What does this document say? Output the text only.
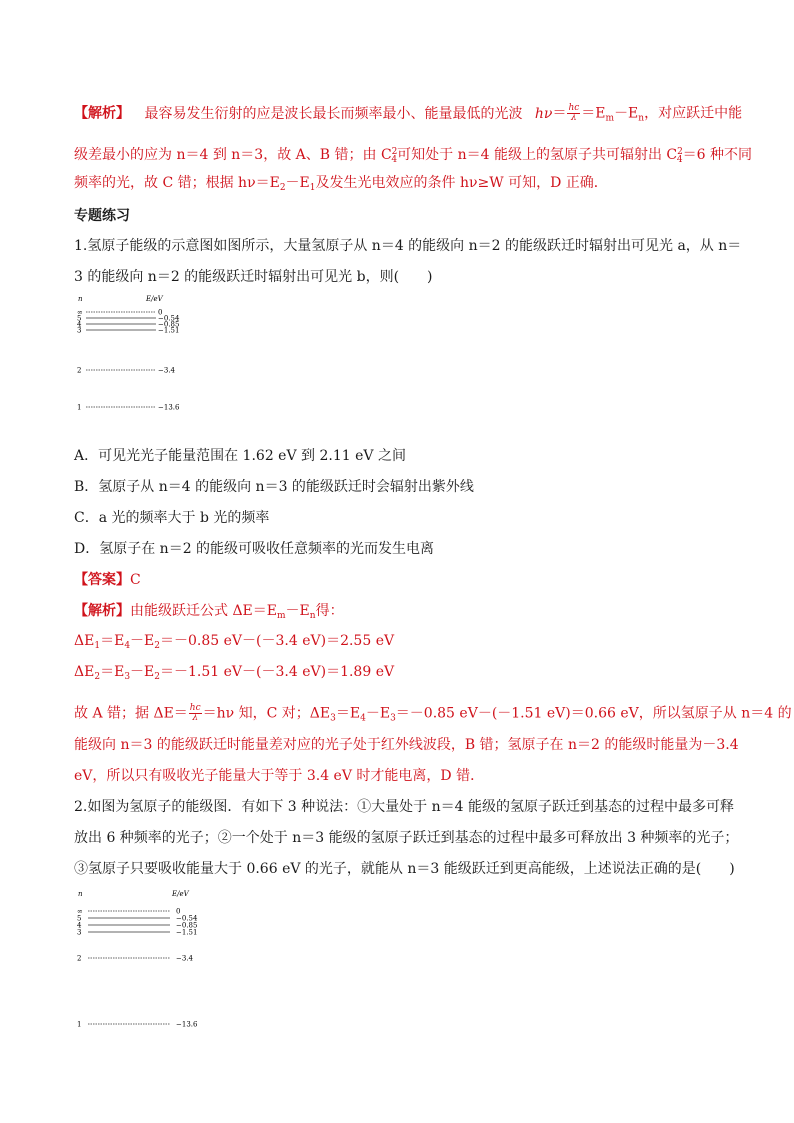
【解析】 最容易发生衍射的应是波长最长而频率最小、能量最低的光波 $h\nu= \frac{hc}{\lambda} =E_m-E_n$，对应跃迁中能
级差最小的应为 n＝4 到 n＝3，故 A、B 错；由 $C^2_4$可知处于 n＝4 能级上的氢原子共可辐射出 $C^2_4=6$ 种不同
频率的光，故 C 错；根据 $h\nu=E_2-E_1$及发生光电效应的条件 hν≥W 可知，D 正确．
专题练习
1.氢原子能级的示意图如图所示，大量氢原子从 n＝4 的能级向 n＝2 的能级跃迁时辐射出可见光 a，从 n＝
3 的能级向 n＝2 的能级跃迁时辐射出可见光 b，则(　　)
n	E/eV
∞	0
5	−0.54
4	−0.85
3	−1.51
2	−3.4
1	−13.6
A．可见光光子能量范围在 1.62 eV 到 2.11 eV 之间
B．氢原子从 n＝4 的能级向 n＝3 的能级跃迁时会辐射出紫外线
C．a 光的频率大于 b 光的频率
D．氢原子在 n＝2 的能级可吸收任意频率的光而发生电离
【答案】C
【解析】由能级跃迁公式 $\Delta E=E_m-E_n$得：
$\Delta E_1=E_4-E_2=-0.85$ eV－(－3.4 eV)＝2.55 eV
$\Delta E_2=E_3-E_2=-1.51$ eV－(－3.4 eV)＝1.89 eV
故 A 错；据 $\Delta E= \frac{hc}{\lambda} =h\nu$ 知，C 对；$\Delta E_3=E_4-E_3=-0.85$ eV－(－1.51 eV)＝0.66 eV，所以氢原子从 n＝4 的
能级向 n＝3 的能级跃迁时能量差对应的光子处于红外线波段，B 错；氢原子在 n＝2 的能级时能量为－3.4
eV，所以只有吸收光子能量大于等于 3.4 eV 时才能电离，D 错．
2.如图为氢原子的能级图．有如下 3 种说法：①大量处于 n＝4 能级的氢原子跃迁到基态的过程中最多可释
放出 6 种频率的光子；②一个处于 n＝3 能级的氢原子跃迁到基态的过程中最多可释放出 3 种频率的光子；
③氢原子只要吸收能量大于 0.66 eV 的光子，就能从 n＝3 能级跃迁到更高能级，上述说法正确的是(　　)
n	E/eV
∞	0
5	−0.54
4	−0.85
3	−1.51
2	−3.4
1	−13.6
